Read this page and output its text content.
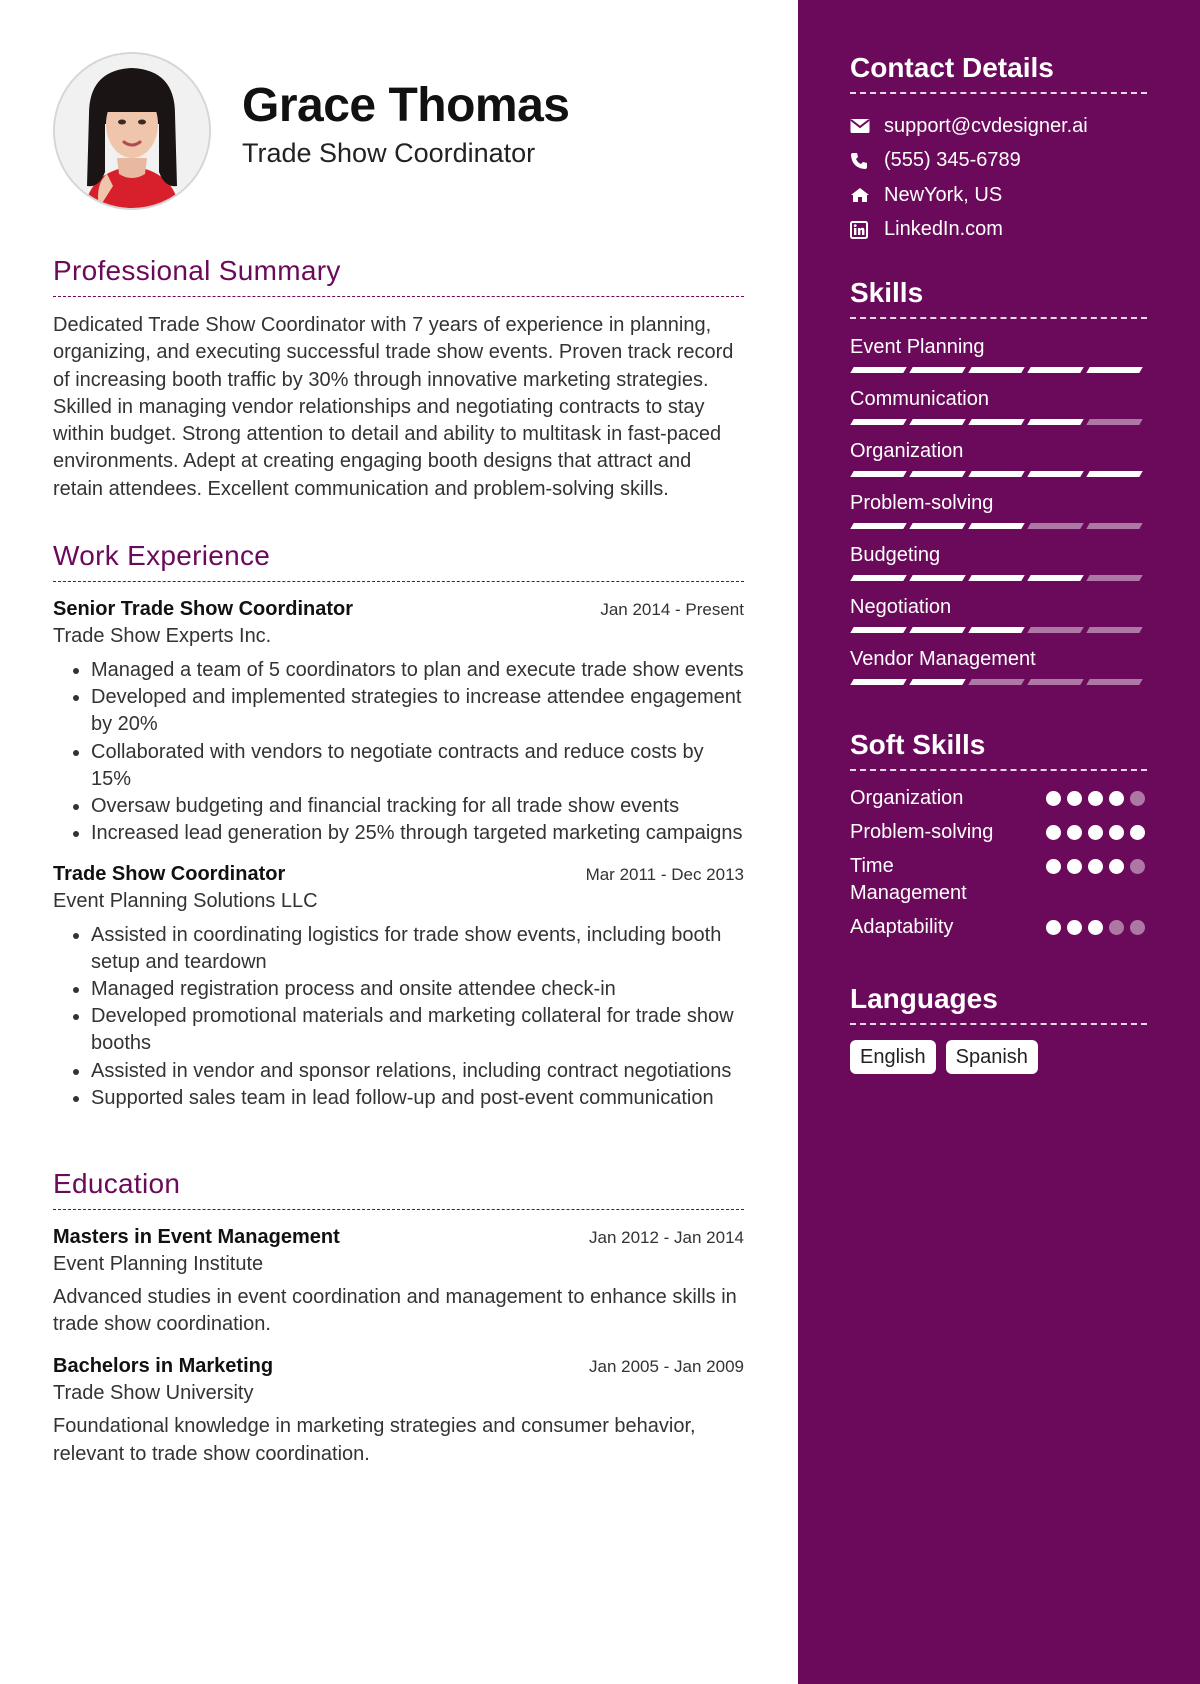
Grace Thomas
Trade Show Coordinator
Professional Summary
Dedicated Trade Show Coordinator with 7 years of experience in planning, organizing, and executing successful trade show events. Proven track record of increasing booth traffic by 30% through innovative marketing strategies. Skilled in managing vendor relationships and negotiating contracts to stay within budget. Strong attention to detail and ability to multitask in fast-paced environments. Adept at creating engaging booth designs that attract and retain attendees. Excellent communication and problem-solving skills.
Work Experience
Senior Trade Show Coordinator	Jan 2014 - Present
Trade Show Experts Inc.
• Managed a team of 5 coordinators to plan and execute trade show events
• Developed and implemented strategies to increase attendee engagement by 20%
• Collaborated with vendors to negotiate contracts and reduce costs by 15%
• Oversaw budgeting and financial tracking for all trade show events
• Increased lead generation by 25% through targeted marketing campaigns
Trade Show Coordinator	Mar 2011 - Dec 2013
Event Planning Solutions LLC
• Assisted in coordinating logistics for trade show events, including booth setup and teardown
• Managed registration process and onsite attendee check-in
• Developed promotional materials and marketing collateral for trade show booths
• Assisted in vendor and sponsor relations, including contract negotiations
• Supported sales team in lead follow-up and post-event communication
Education
Masters in Event Management	Jan 2012 - Jan 2014
Event Planning Institute
Advanced studies in event coordination and management to enhance skills in trade show coordination.
Bachelors in Marketing	Jan 2005 - Jan 2009
Trade Show University
Foundational knowledge in marketing strategies and consumer behavior, relevant to trade show coordination.
Contact Details
support@cvdesigner.ai
(555) 345-6789
NewYork, US
LinkedIn.com
Skills
Event Planning
Communication
Organization
Problem-solving
Budgeting
Negotiation
Vendor Management
Soft Skills
Organization
Problem-solving
Time Management
Adaptability
Languages
English	Spanish
